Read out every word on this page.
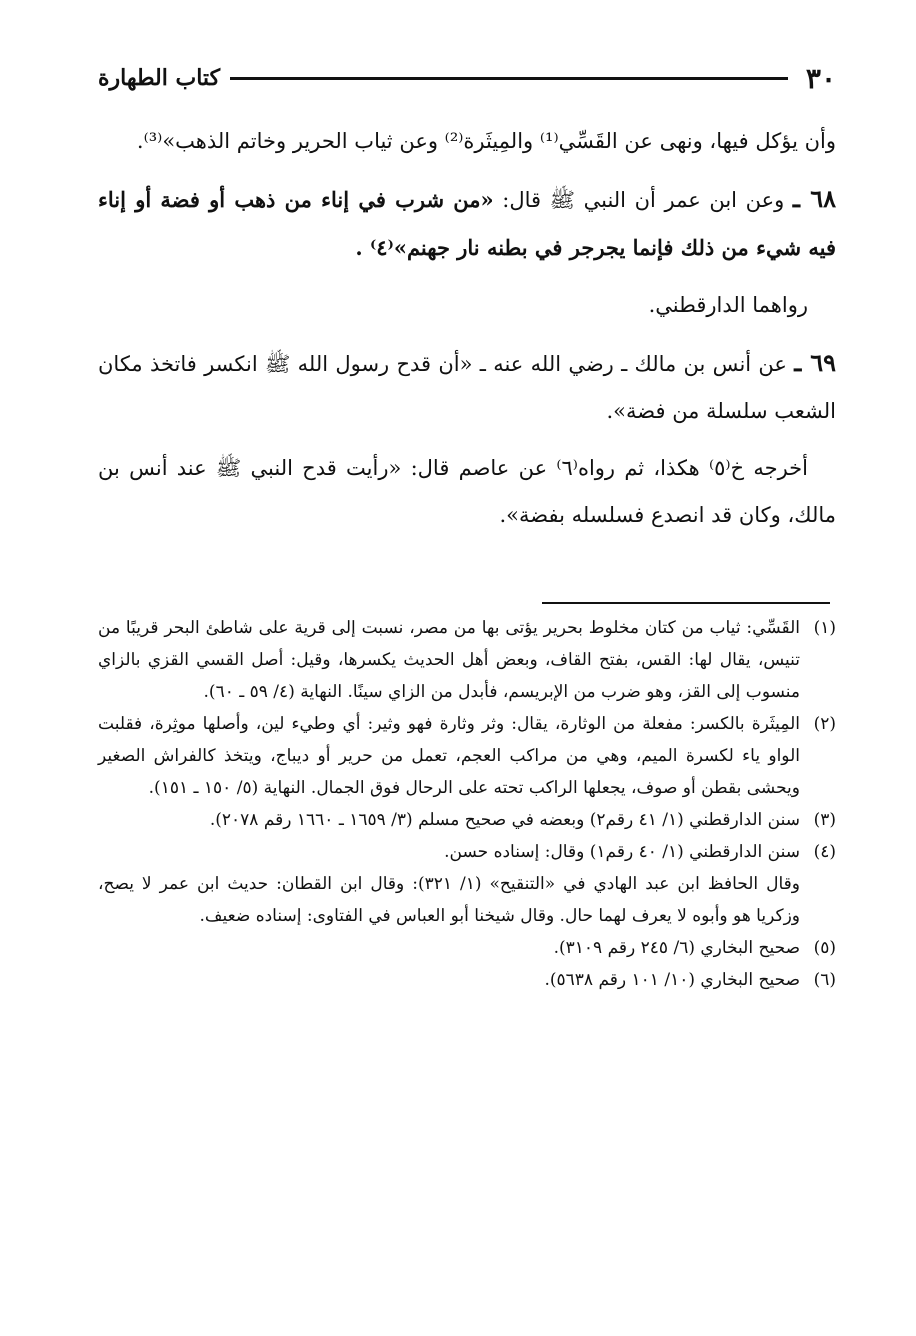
٣٠
كتاب الطهارة

وأن يؤكل فيها، ونهى عن القَسِّي⁽¹⁾ والمِيثَرة⁽²⁾ وعن ثياب الحرير وخاتم الذهب»⁽³⁾.

٦٨ ـ وعن ابن عمر أن النبي ﷺ قال: «من شرب في إناء من ذهب أو فضة أو إناء فيه شيء من ذلك فإنما يجرجر في بطنه نار جهنم»⁽٤⁾ .

رواهما الدارقطني.

٦٩ ـ عن أنس بن مالك ـ رضي الله عنه ـ «أن قدح رسول الله ﷺ انكسر فاتخذ مكان الشعب سلسلة من فضة».

أخرجه خ⁽٥⁾ هكذا، ثم رواه⁽٦⁾ عن عاصم قال: «رأيت قدح النبي ﷺ عند أنس بن مالك، وكان قد انصدع فسلسله بفضة».

(١)
القَسِّي: ثياب من كتان مخلوط بحرير يؤتى بها من مصر، نسبت إلى قرية على شاطئ البحر قريبًا من تنيس، يقال لها: القس، بفتح القاف، وبعض أهل الحديث يكسرها، وقيل: أصل القسي القزي بالزاي منسوب إلى القز، وهو ضرب من الإبريسم، فأبدل من الزاي سينًا. النهاية (٤/ ٥٩ ـ ٦٠).

(٢)
المِيثَرة بالكسر: مفعلة من الوثارة، يقال: وثر وثارة فهو وثير: أي وطيء لين، وأصلها موثِرة، فقلبت الواو ياء لكسرة الميم، وهي من مراكب العجم، تعمل من حرير أو ديباج، ويتخذ كالفراش الصغير ويحشى بقطن أو صوف، يجعلها الراكب تحته على الرحال فوق الجمال. النهاية (٥/ ١٥٠ ـ ١٥١).

(٣)
سنن الدارقطني (١/ ٤١ رقم٢) وبعضه في صحيح مسلم (٣/ ١٦٥٩ ـ ١٦٦٠ رقم ٢٠٧٨).

(٤)
سنن الدارقطني (١/ ٤٠ رقم١) وقال: إسناده حسن.

وقال الحافظ ابن عبد الهادي في «التنقيح» (١/ ٣٢١): وقال ابن القطان: حديث ابن عمر لا يصح، وزكريا هو وأبوه لا يعرف لهما حال. وقال شيخنا أبو العباس في الفتاوى: إسناده ضعيف.

(٥)
صحيح البخاري (٦/ ٢٤٥ رقم ٣١٠٩).

(٦)
صحيح البخاري (١٠/ ١٠١ رقم ٥٦٣٨).
